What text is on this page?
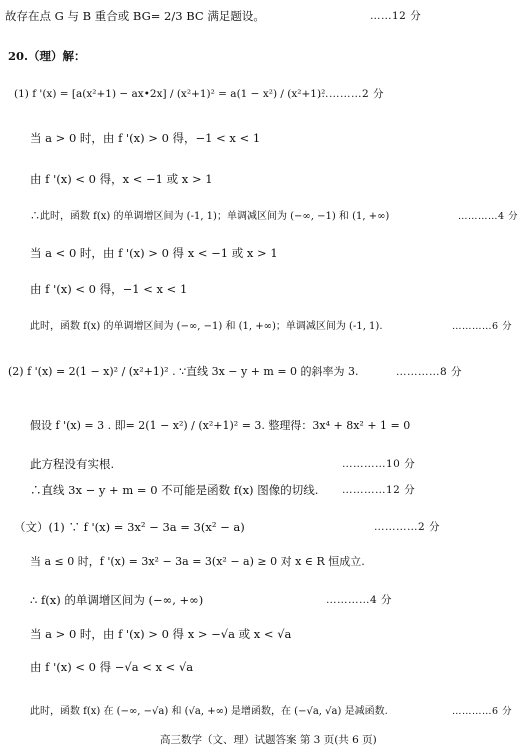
故存在点 G 与 B 重合或 BG= 2/3 BC 满足题设。	……12 分
20.（理）解：
(1) f '(x) = [a(x²+1) − ax•2x] / (x²+1)² = a(1 − x²) / (x²+1)²
…………2 分
当 a > 0 时，由 f '(x) > 0 得，−1 < x < 1
由 f '(x) < 0 得，x < −1 或 x > 1
∴此时，函数 f(x) 的单调增区间为 (-1, 1)；单调减区间为 (−∞, −1) 和 (1, +∞)	…………4 分
当 a < 0 时，由 f '(x) > 0 得 x < −1 或 x > 1
由 f '(x) < 0 得，−1 < x < 1
此时，函数 f(x) 的单调增区间为 (−∞, −1) 和 (1, +∞)；单调减区间为 (-1, 1).	…………6 分
(2) f '(x) = 2(1 − x)² / (x²+1)² . ∵直线 3x − y + m = 0 的斜率为 3.	…………8 分
假设 f '(x) = 3 . 即= 2(1 − x²) / (x²+1)² = 3. 整理得：3x⁴ + 8x² + 1 = 0
此方程没有实根.	…………10 分
∴直线 3x − y + m = 0 不可能是函数 f(x) 图像的切线. …………12 分
（文）(1) ∵ f '(x) = 3x² − 3a = 3(x² − a)	…………2 分
当 a ≤ 0 时，f '(x) = 3x² − 3a = 3(x² − a) ≥ 0 对 x ∈ R 恒成立.
∴ f(x) 的单调增区间为 (−∞, +∞)	…………4 分
当 a > 0 时，由 f '(x) > 0 得 x > −√a 或 x < √a
由 f '(x) < 0 得 −√a < x < √a
此时，函数 f(x) 在 (−∞, −√a) 和 (√a, +∞) 是增函数，在 (−√a, √a) 是减函数.	…………6 分
高三数学（文、理）试题答案 第 3 页(共 6 页)
